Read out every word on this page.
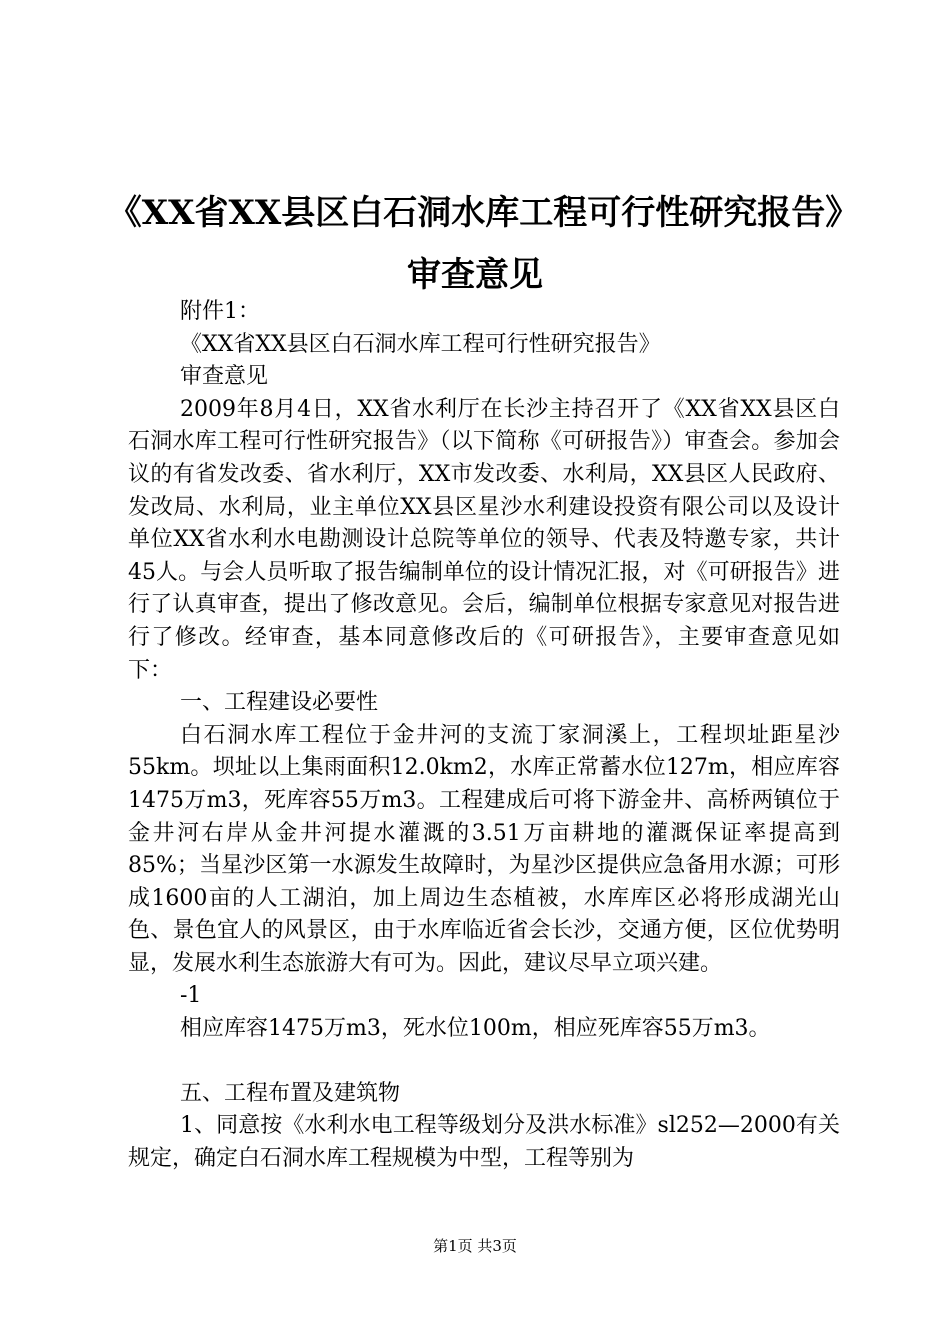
《XX省XX县区白石洞水库工程可行性研究报告》审查意见

附件1：

《XX省XX县区白石洞水库工程可行性研究报告》

审查意见

2009年8月4日，XX省水利厅在长沙主持召开了《XX省XX县区白石洞水库工程可行性研究报告》（以下简称《可研报告》）审查会。参加会议的有省发改委、省水利厅，XX市发改委、水利局，XX县区人民政府、发改局、水利局，业主单位XX县区星沙水利建设投资有限公司以及设计单位XX省水利水电勘测设计总院等单位的领导、代表及特邀专家，共计45人。与会人员听取了报告编制单位的设计情况汇报，对《可研报告》进行了认真审查，提出了修改意见。会后，编制单位根据专家意见对报告进行了修改。经审查，基本同意修改后的《可研报告》，主要审查意见如下：

一、工程建设必要性

白石洞水库工程位于金井河的支流丁家洞溪上，工程坝址距星沙55km。坝址以上集雨面积12.0km2，水库正常蓄水位127m，相应库容1475万m3，死库容55万m3。工程建成后可将下游金井、高桥两镇位于金井河右岸从金井河提水灌溉的3.51万亩耕地的灌溉保证率提高到85%；当星沙区第一水源发生故障时，为星沙区提供应急备用水源；可形成1600亩的人工湖泊，加上周边生态植被，水库库区必将形成湖光山色、景色宜人的风景区，由于水库临近省会长沙，交通方便，区位优势明显，发展水利生态旅游大有可为。因此，建议尽早立项兴建。

-1

相应库容1475万m3，死水位100m，相应死库容55万m3。

五、工程布置及建筑物

1、同意按《水利水电工程等级划分及洪水标准》sl252—2000有关规定，确定白石洞水库工程规模为中型，工程等别为

第1页 共3页
